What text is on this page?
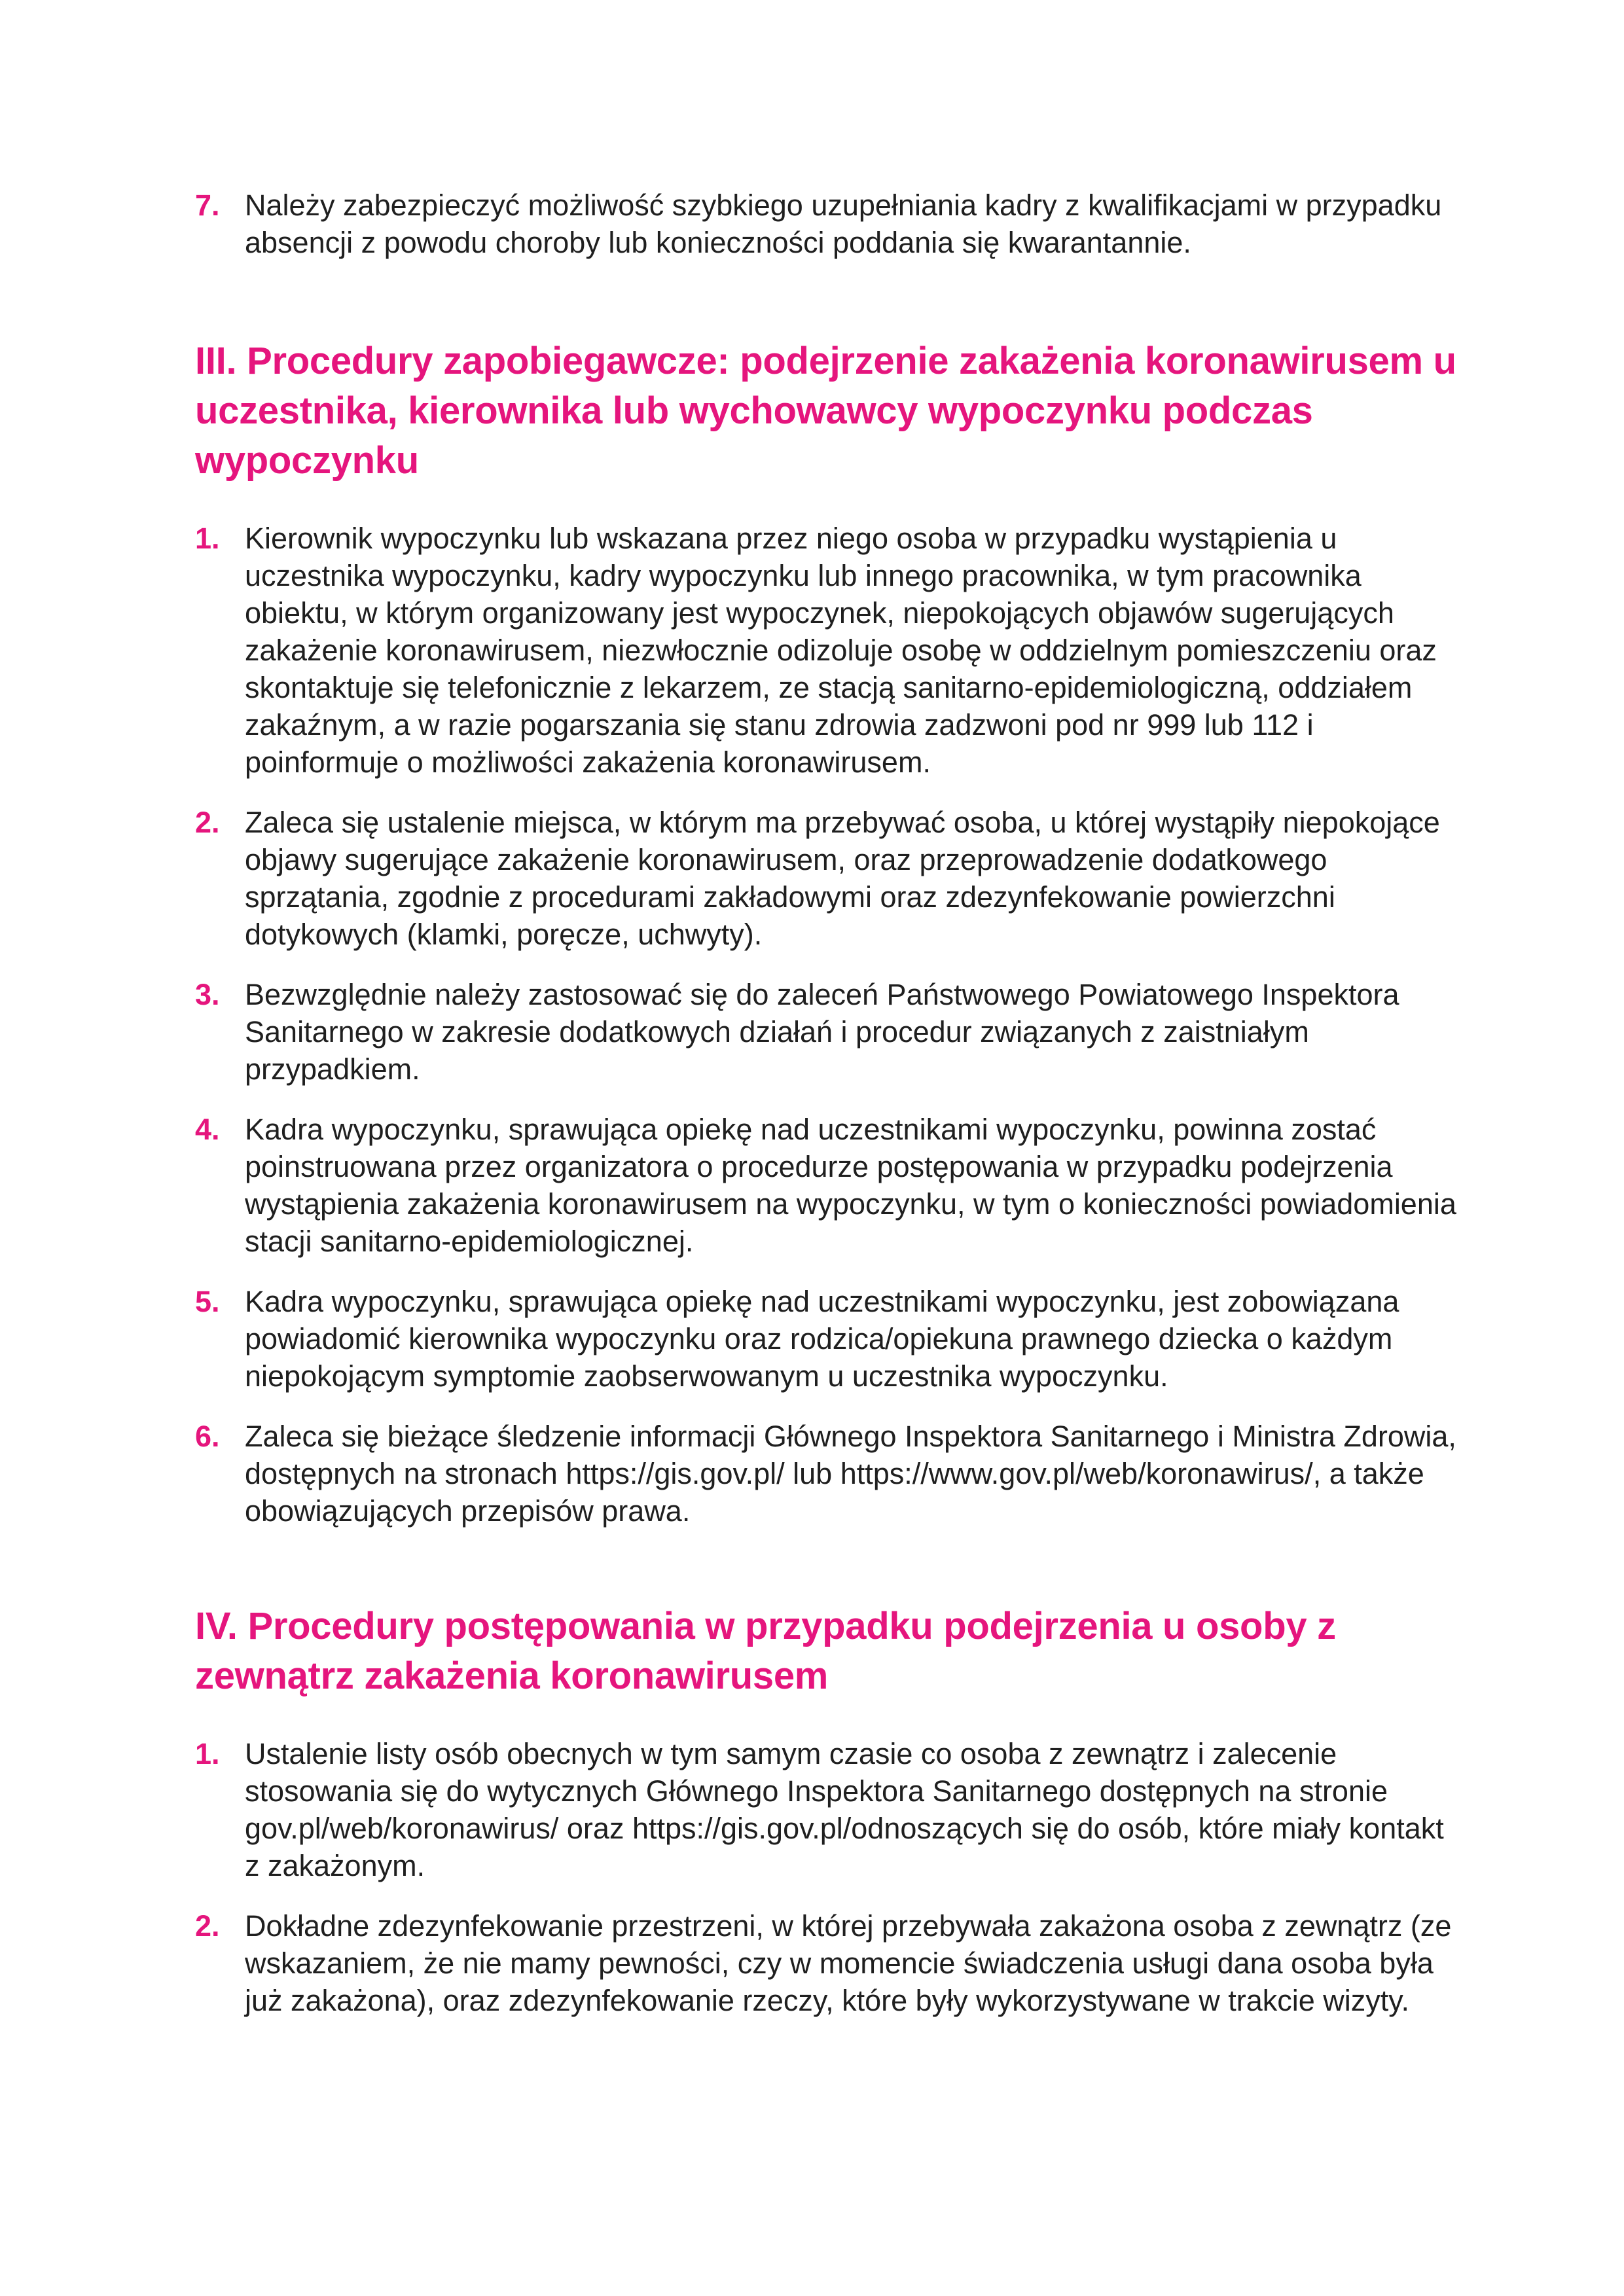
7. Należy zabezpieczyć możliwość szybkiego uzupełniania kadry z kwalifikacjami w przypadku absencji z powodu choroby lub konieczności poddania się kwarantannie.
III. Procedury zapobiegawcze: podejrzenie zakażenia koronawirusem u uczestnika, kierownika lub wychowawcy wypoczynku podczas wypoczynku
1. Kierownik wypoczynku lub wskazana przez niego osoba w przypadku wystąpienia u uczestnika wypoczynku, kadry wypoczynku lub innego pracownika, w tym pracownika obiektu, w którym organizowany jest wypoczynek, niepokojących objawów sugerujących zakażenie koronawirusem, niezwłocznie odizoluje osobę w oddzielnym pomieszczeniu oraz skontaktuje się telefonicznie z lekarzem, ze stacją sanitarno-epidemiologiczną, oddziałem zakaźnym, a w razie pogarszania się stanu zdrowia zadzwoni pod nr 999 lub 112 i poinformuje o możliwości zakażenia koronawirusem.
2. Zaleca się ustalenie miejsca, w którym ma przebywać osoba, u której wystąpiły niepokojące objawy sugerujące zakażenie koronawirusem, oraz przeprowadzenie dodatkowego sprzątania, zgodnie z procedurami zakładowymi oraz zdezynfekowanie powierzchni dotykowych (klamki, poręcze, uchwyty).
3. Bezwzględnie należy zastosować się do zaleceń Państwowego Powiatowego Inspektora Sanitarnego w zakresie dodatkowych działań i procedur związanych z zaistniałym przypadkiem.
4. Kadra wypoczynku, sprawująca opiekę nad uczestnikami wypoczynku, powinna zostać poinstruowana przez organizatora o procedurze postępowania w przypadku podejrzenia wystąpienia zakażenia koronawirusem na wypoczynku, w tym o konieczności powiadomienia stacji sanitarno-epidemiologicznej.
5. Kadra wypoczynku, sprawująca opiekę nad uczestnikami wypoczynku, jest zobowiązana powiadomić kierownika wypoczynku oraz rodzica/opiekuna prawnego dziecka o każdym niepokojącym symptomie zaobserwowanym u uczestnika wypoczynku.
6. Zaleca się bieżące śledzenie informacji Głównego Inspektora Sanitarnego i Ministra Zdrowia, dostępnych na stronach https://gis.gov.pl/ lub https://www.gov.pl/web/koronawirus/, a także obowiązujących przepisów prawa.
IV. Procedury postępowania w przypadku podejrzenia u osoby z zewnątrz zakażenia koronawirusem
1. Ustalenie listy osób obecnych w tym samym czasie co osoba z zewnątrz i zalecenie stosowania się do wytycznych Głównego Inspektora Sanitarnego dostępnych na stronie gov.pl/web/koronawirus/ oraz https://gis.gov.pl/odnoszących się do osób, które miały kontakt z zakażonym.
2. Dokładne zdezynfekowanie przestrzeni, w której przebywała zakażona osoba z zewnątrz (ze wskazaniem, że nie mamy pewności, czy w momencie świadczenia usługi dana osoba była już zakażona), oraz zdezynfekowanie rzeczy, które były wykorzystywane w trakcie wizyty.
